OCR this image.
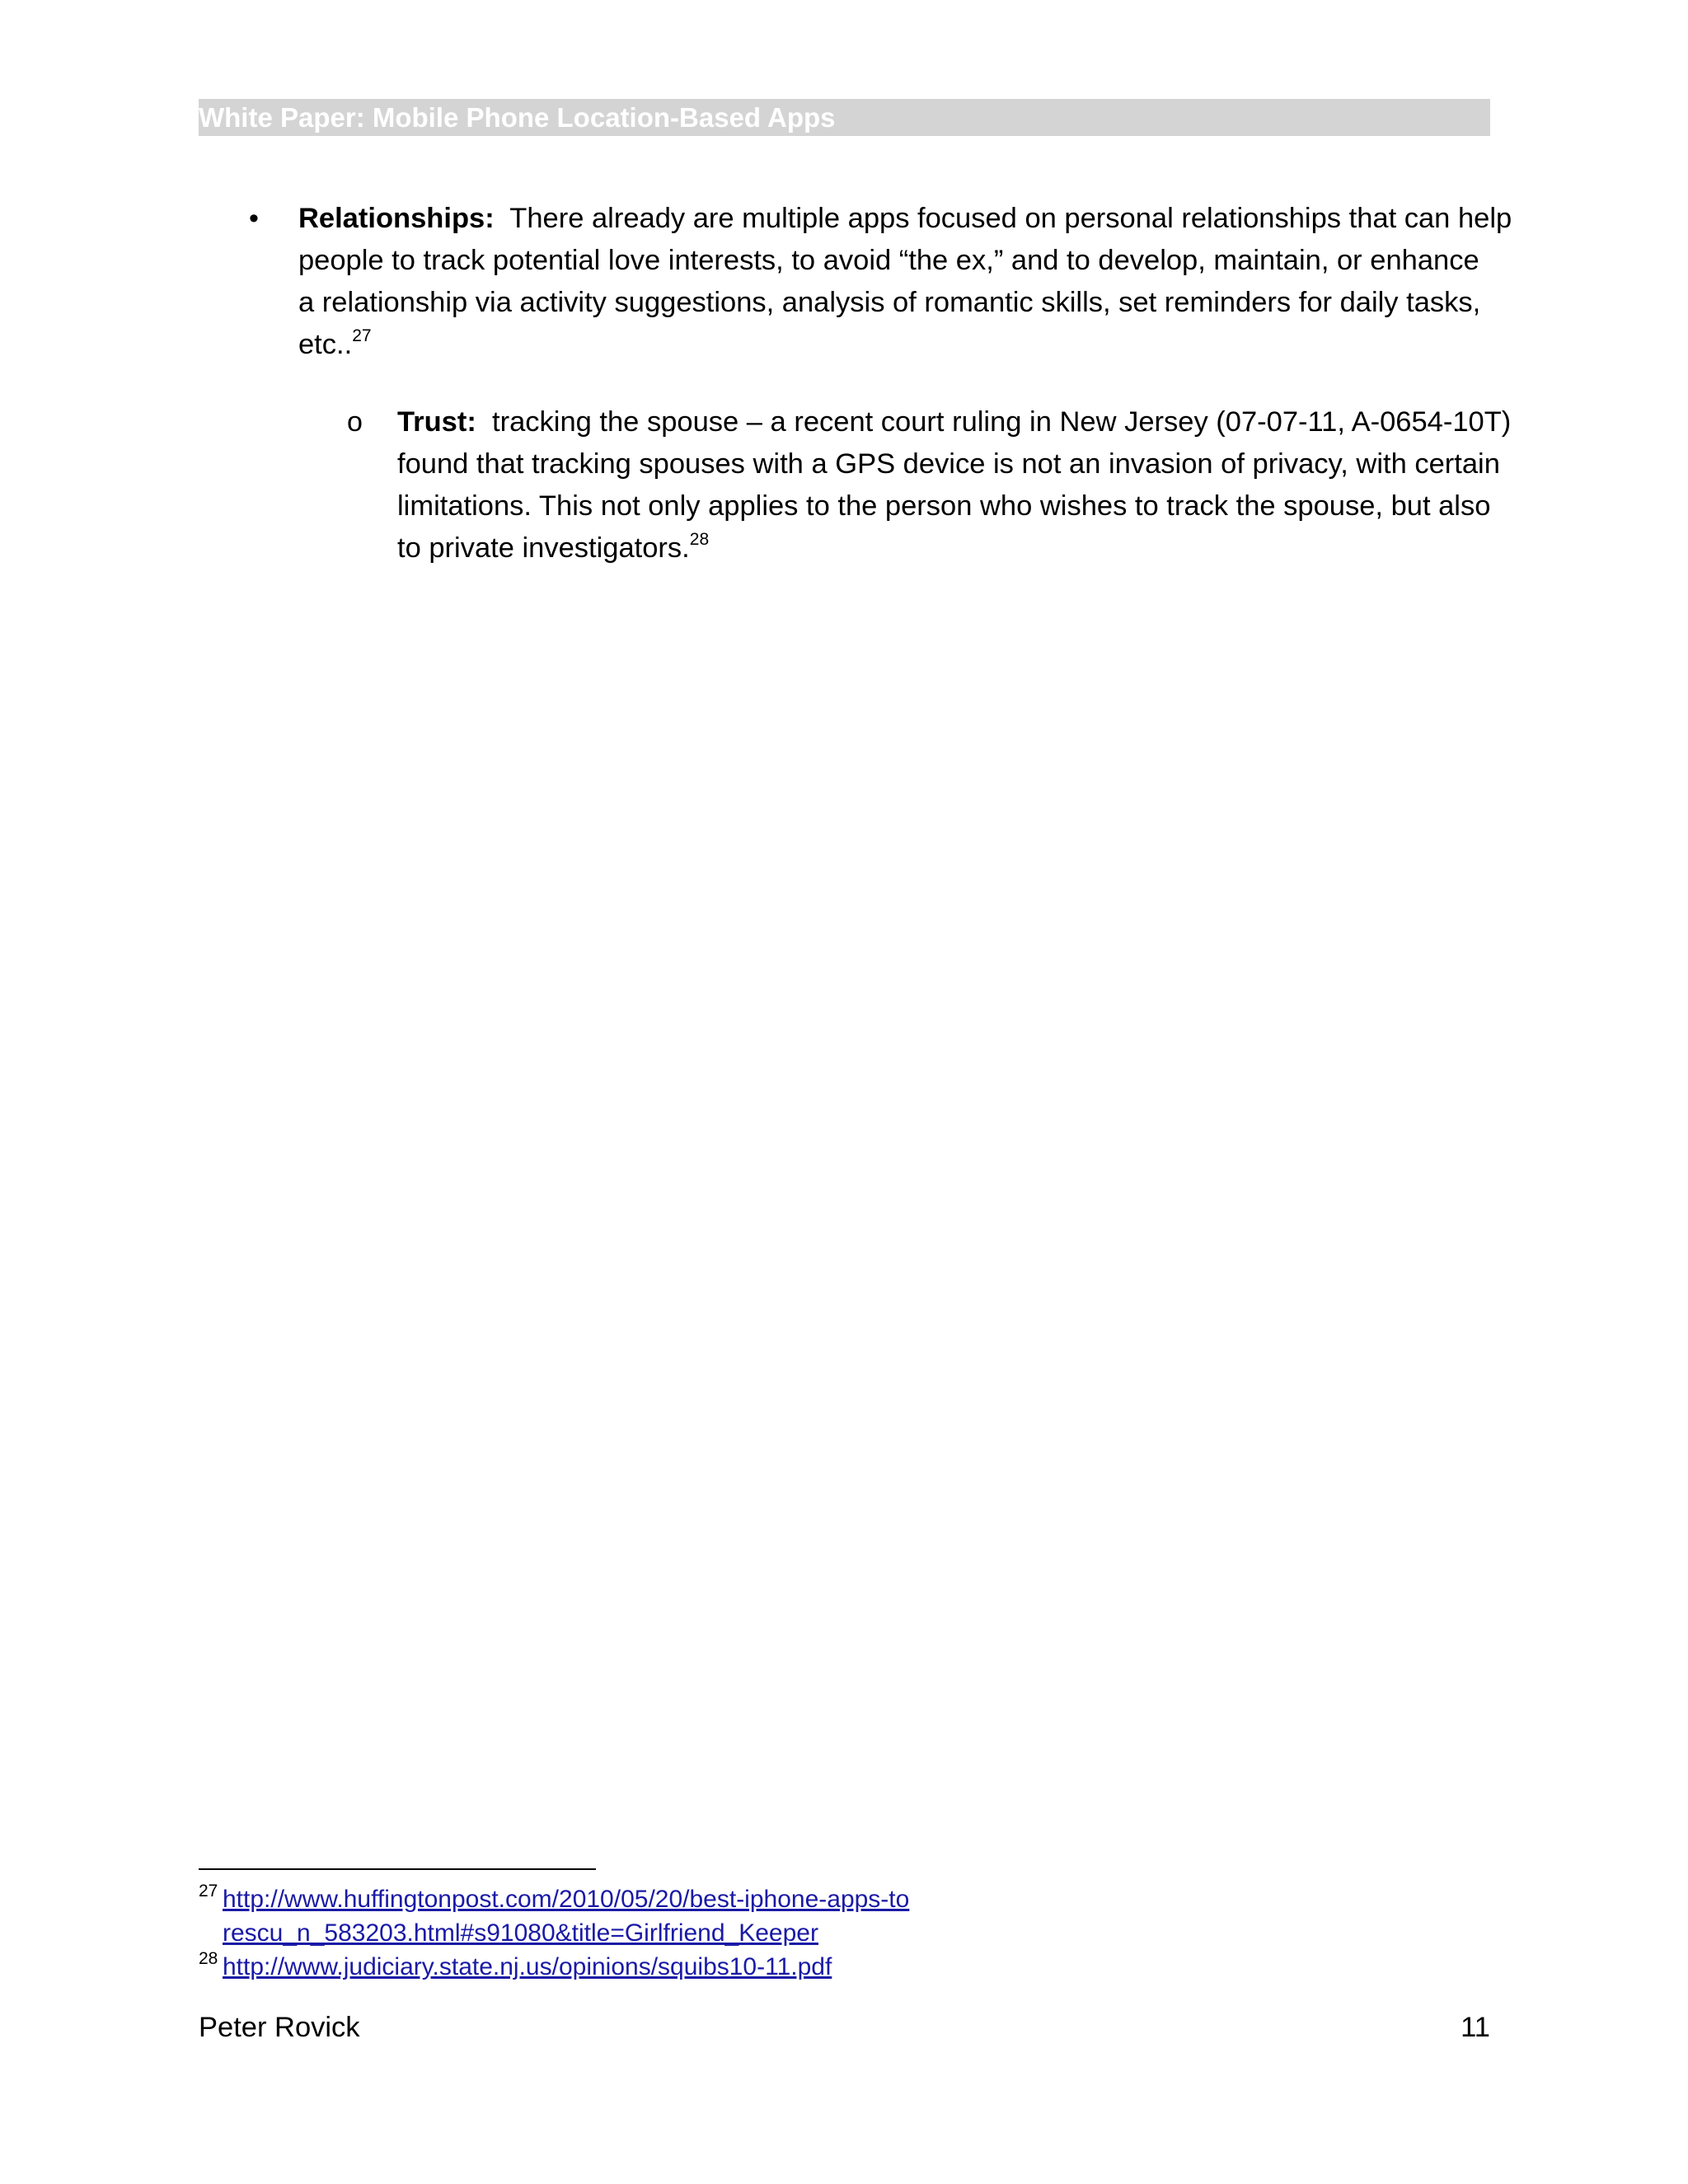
White Paper: Mobile Phone Location-Based Apps
• Relationships: There already are multiple apps focused on personal relationships that can help
people to track potential love interests, to avoid “the ex,” and to develop, maintain, or enhance
a relationship via activity suggestions, analysis of romantic skills, set reminders for daily tasks,
etc..$^{27}$
o Trust: tracking the spouse – a recent court ruling in New Jersey (07-07-11, A-0654-10T)
found that tracking spouses with a GPS device is not an invasion of privacy, with certain
limitations. This not only applies to the person who wishes to track the spouse, but also
to private investigators.$^{28}$
27 http://www.huffingtonpost.com/2010/05/20/best-iphone-apps-to
rescu_n_583203.html#s91080&title=Girlfriend_Keeper
28 http://www.judiciary.state.nj.us/opinions/squibs10-11.pdf
Peter Rovick	11
